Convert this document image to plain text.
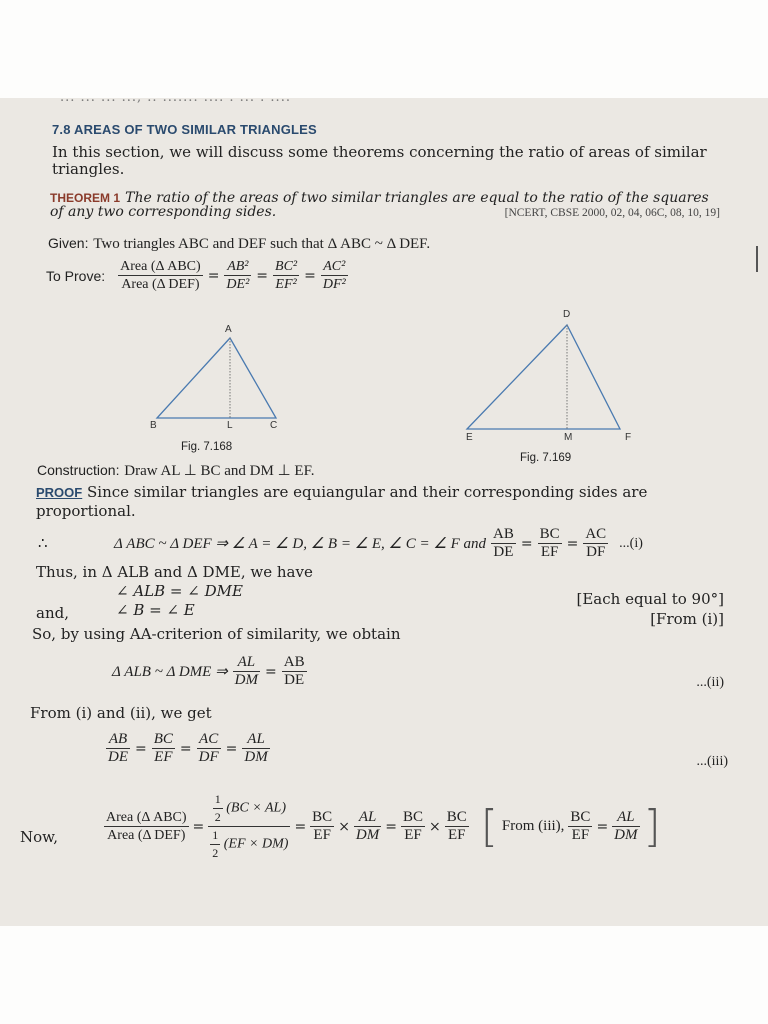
... ... ... ..., .. ....... .... . ... . ....
7.8 AREAS OF TWO SIMILAR TRIANGLES
In this section, we will discuss some theorems concerning the ratio of areas of similar
triangles.
THEOREM 1 The ratio of the areas of two similar triangles are equal to the ratio of the squares
of any two corresponding sides.	[NCERT, CBSE 2000, 02, 04, 06C, 08, 10, 19]
Given: Two triangles ABC and DEF such that Δ ABC ~ Δ DEF.
To Prove: $\frac{\text{Area (Δ ABC)}}{\text{Area (Δ DEF)}} = \frac{\text{AB²}}{\text{DE²}} = \frac{\text{BC²}}{\text{EF²}} = \frac{\text{AC²}}{\text{DF²}}$
A
B	L	C
Fig. 7.168
D
E	M	F
Fig. 7.169
Construction: Draw AL ⊥ BC and DM ⊥ EF.
PROOF Since similar triangles are equiangular and their corresponding sides are
proportional.
∴	Δ ABC ~ Δ DEF ⇒ ∠ A = ∠ D, ∠ B = ∠ E, ∠ C = ∠ F and $\frac{AB}{DE} = \frac{BC}{EF} = \frac{AC}{DF} ...(i)$
Thus, in Δ ALB and Δ DME, we have
∠ ALB = ∠ DME	[Each equal to 90°]
and,	∠ B = ∠ E	[From (i)]
So, by using AA-criterion of similarity, we obtain
Δ ALB ~ Δ DME ⇒ $\frac{AL}{DM} = \frac{AB}{DE}$	...(ii)
From (i) and (ii), we get
$\frac{AB}{DE} = \frac{BC}{EF} = \frac{AC}{DF} = \frac{AL}{DM}$	...(iii)
Now,	$\frac{\text{Area (Δ ABC)}}{\text{Area (Δ DEF)}} = \frac{\frac{1}{2} (BC \times AL)}{\frac{1}{2} (EF \times DM)} = \frac{BC}{EF} \times \frac{AL}{DM} = \frac{BC}{EF} \times \frac{BC}{EF}$ [ From (iii), $\frac{BC}{EF} = \frac{AL}{DM}$ ]
